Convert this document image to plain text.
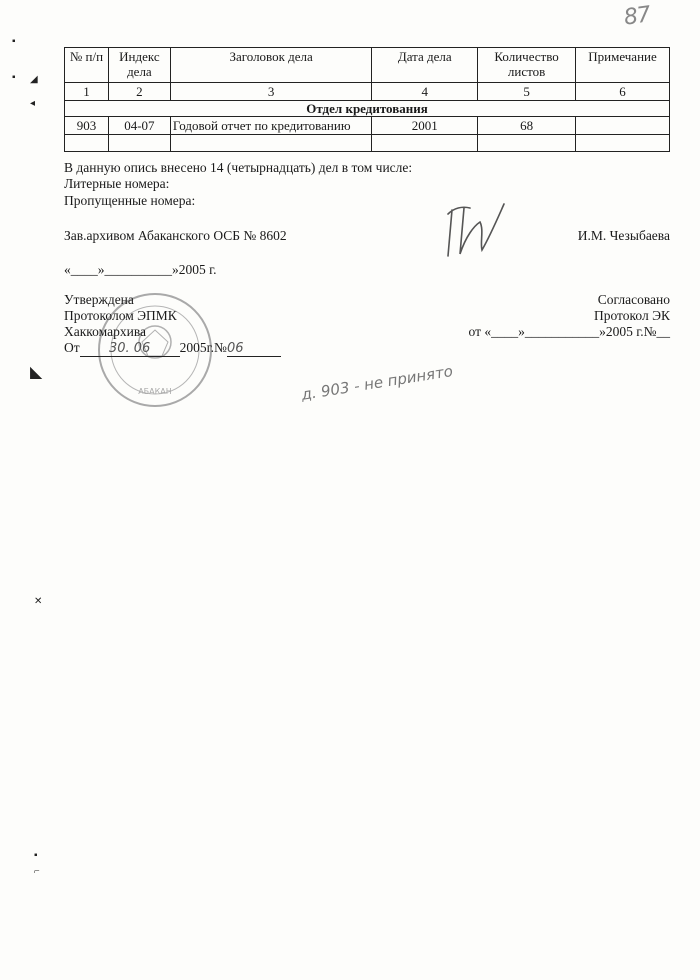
87
▪
▪ ◢
◂
◣
✕
▪
⌐
№ п/п	Индекс дела	Заголовок дела	Дата дела	Количество листов	Примечание
1	2	3	4	5	6
Отдел кредитования					
903	04-07	Годовой отчет по кредитованию	2001	68	

В данную опись внесено 14 (четырнадцать) дел в том числе:
Литерные номера:
Пропущенные номера:
Зав.архивом Абаканского ОСБ № 8602	И.М. Чезыбаева
«____»__________»2005 г.
АБАКАН
Утверждена
Протоколом ЭПМК
Хаккомархива
От 30. 06 2005г.№06
Согласовано
Протокол ЭК
от «____»___________»2005 г.№__
д. 903 - не принято
